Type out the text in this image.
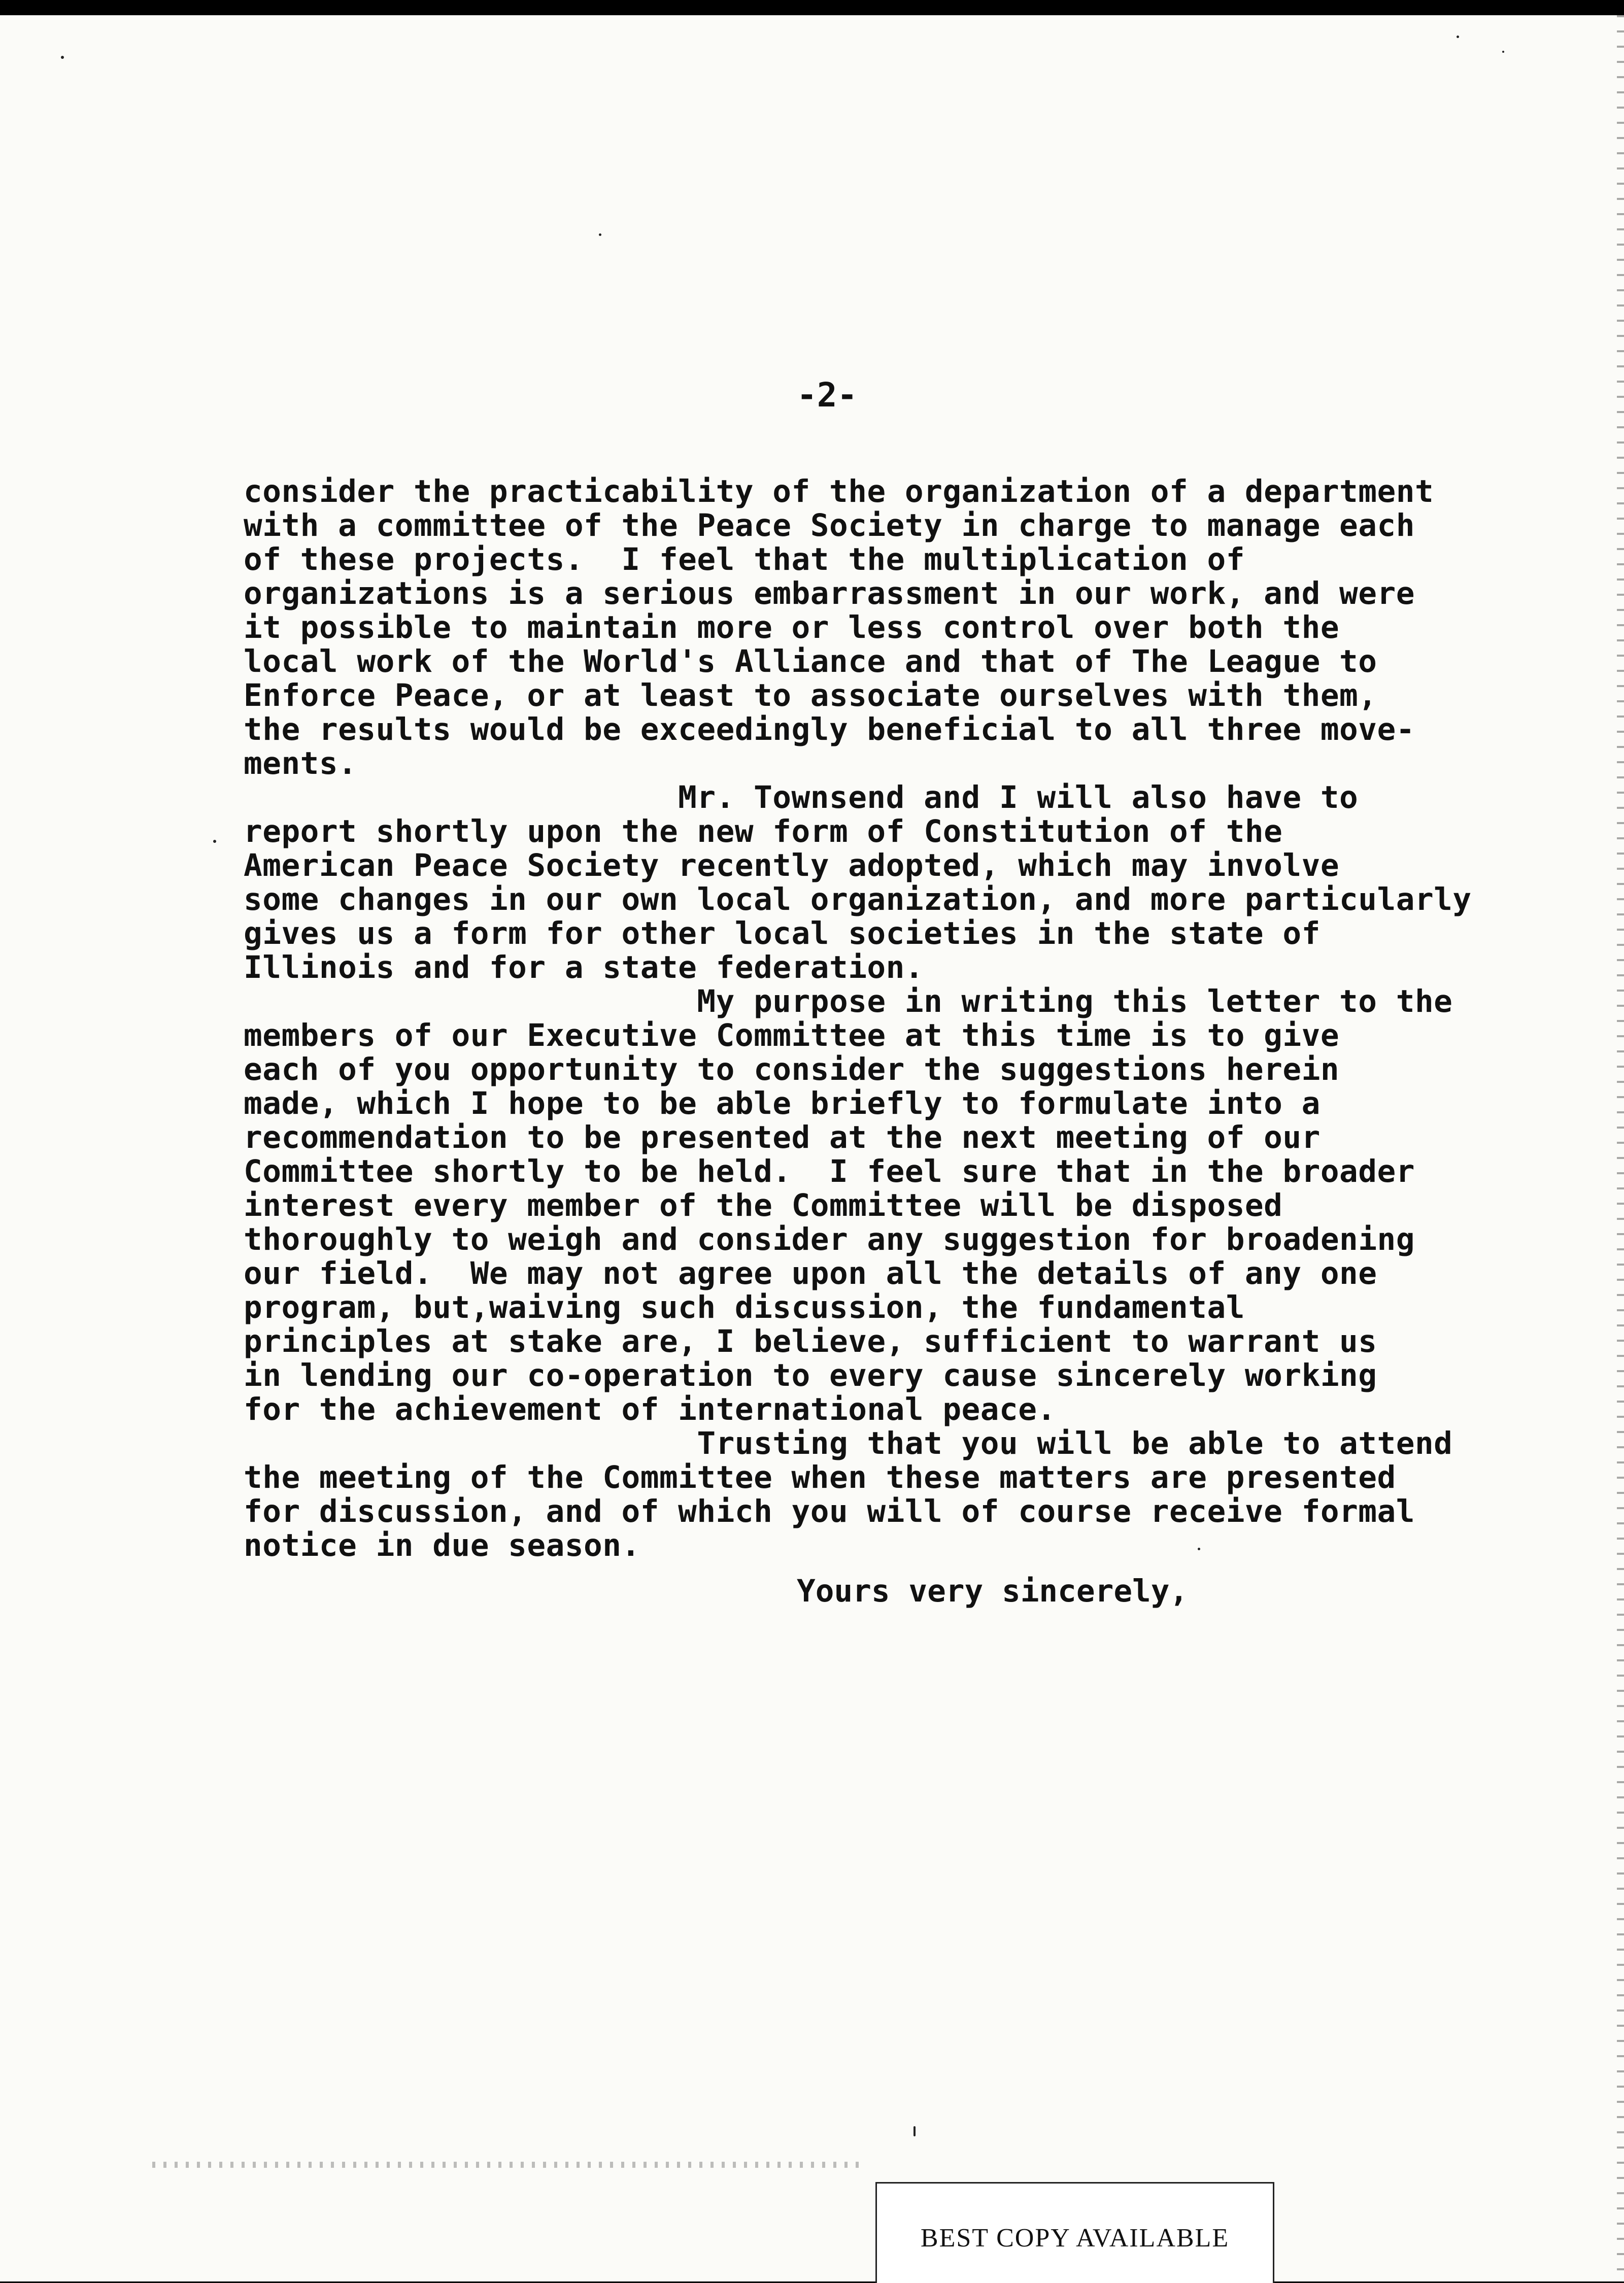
-2-
consider the practicability of the organization of a department
with a committee of the Peace Society in charge to manage each
of these projects.  I feel that the multiplication of
organizations is a serious embarrassment in our work, and were
it possible to maintain more or less control over both the
local work of the World's Alliance and that of The League to
Enforce Peace, or at least to associate ourselves with them,
the results would be exceedingly beneficial to all three move-
ments.
Mr. Townsend and I will also have to
report shortly upon the new form of Constitution of the
American Peace Society recently adopted, which may involve
some changes in our own local organization, and more particularly
gives us a form for other local societies in the state of
Illinois and for a state federation.
My purpose in writing this letter to the
members of our Executive Committee at this time is to give
each of you opportunity to consider the suggestions herein
made, which I hope to be able briefly to formulate into a
recommendation to be presented at the next meeting of our
Committee shortly to be held.  I feel sure that in the broader
interest every member of the Committee will be disposed
thoroughly to weigh and consider any suggestion for broadening
our field.  We may not agree upon all the details of any one
program, but,waiving such discussion, the fundamental
principles at stake are, I believe, sufficient to warrant us
in lending our co-operation to every cause sincerely working
for the achievement of international peace.
Trusting that you will be able to attend
the meeting of the Committee when these matters are presented
for discussion, and of which you will of course receive formal
notice in due season.
Yours very sincerely,
BEST COPY AVAILABLE
